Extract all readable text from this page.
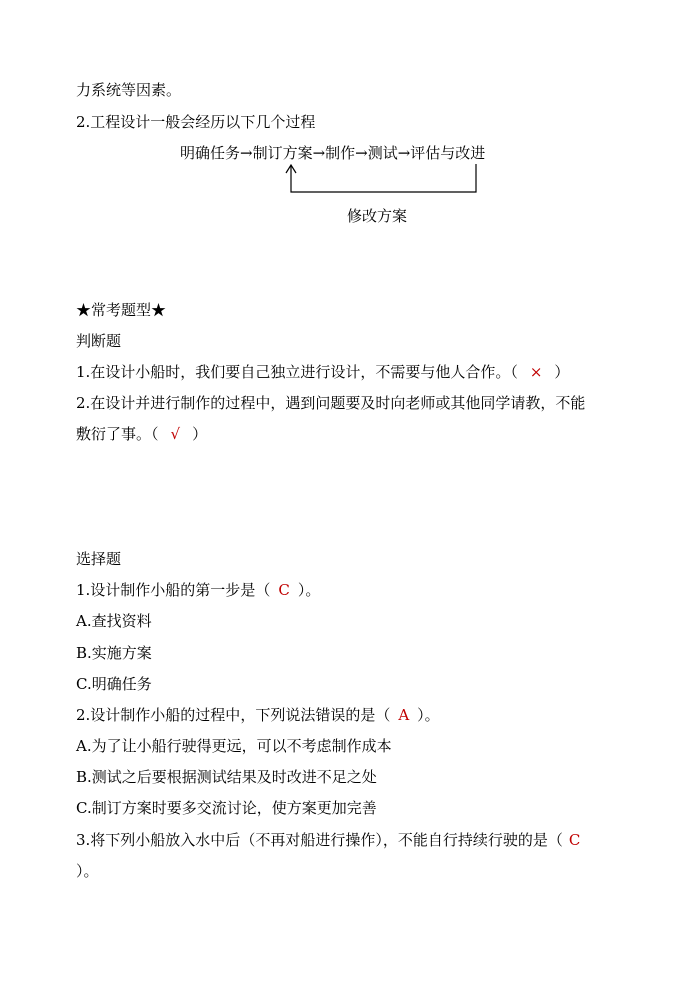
力系统等因素。
2.工程设计一般会经历以下几个过程
明确任务→制订方案→制作→测试→评估与改进
修改方案
★常考题型★
判断题
1.在设计小船时，我们要自己独立进行设计，不需要与他人合作。（ × ）
2.在设计并进行制作的过程中，遇到问题要及时向老师或其他同学请教，不能
敷衍了事。（ √ ）
选择题
1.设计制作小船的第一步是（ C ）。
A.查找资料
B.实施方案
C.明确任务
2.设计制作小船的过程中，下列说法错误的是（ A ）。
A.为了让小船行驶得更远，可以不考虑制作成本
B.测试之后要根据测试结果及时改进不足之处
C.制订方案时要多交流讨论，使方案更加完善
3.将下列小船放入水中后（不再对船进行操作），不能自行持续行驶的是（ C
）。
